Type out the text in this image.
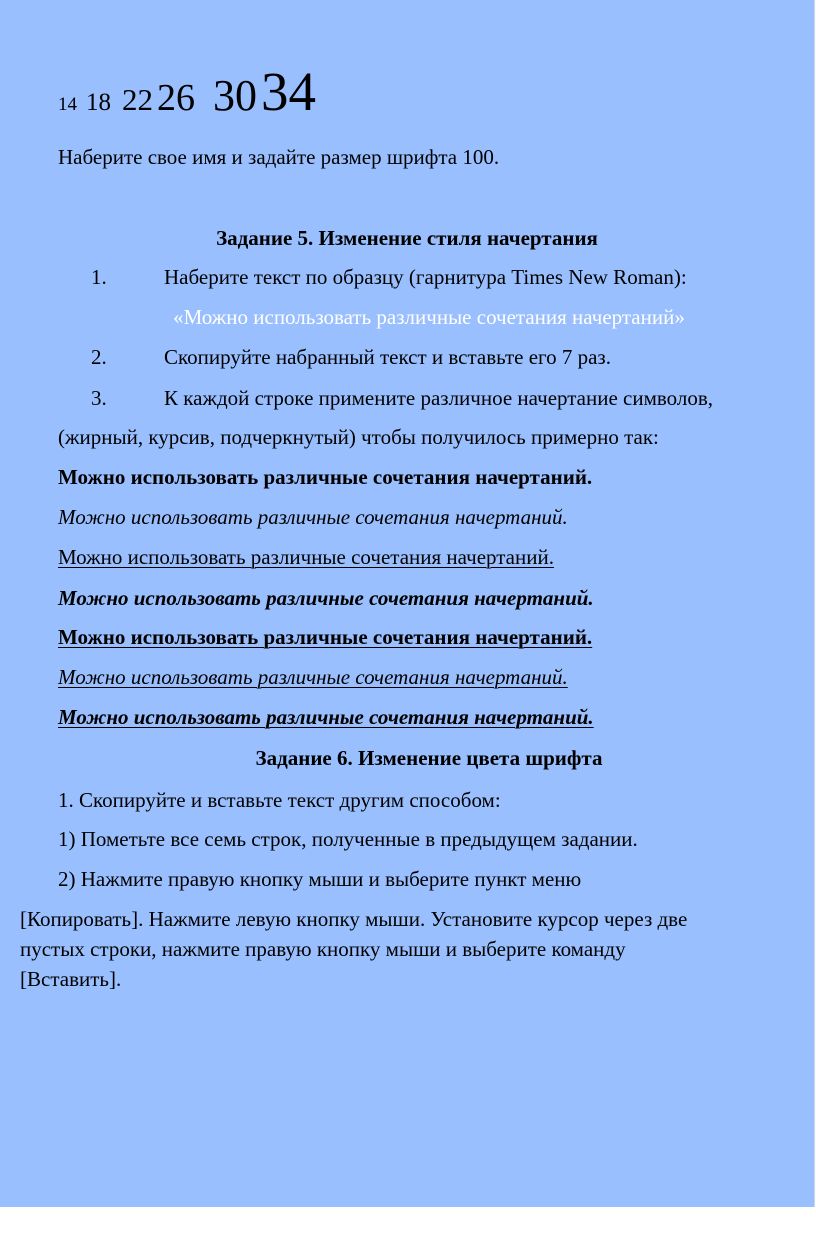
14 18 22 26 30 34
Наберите свое имя и задайте размер шрифта 100.
Задание 5. Изменение стиля начертания
1.	Наберите текст по образцу (гарнитура Times New Roman):
«Можно использовать различные сочетания начертаний»
2.	Скопируйте набранный текст и вставьте его 7 раз.
3.	К каждой строке примените различное начертание символов,
(жирный, курсив, подчеркнутый) чтобы получилось примерно так:
Можно использовать различные сочетания начертаний.
Можно использовать различные сочетания начертаний.
Можно использовать различные сочетания начертаний.
Можно использовать различные сочетания начертаний.
Можно использовать различные сочетания начертаний.
Можно использовать различные сочетания начертаний.
Можно использовать различные сочетания начертаний.
Задание 6. Изменение цвета шрифта
1. Скопируйте и вставьте текст другим способом:
1) Пометьте все семь строк, полученные в предыдущем задании.
2) Нажмите правую кнопку мыши и выберите пункт меню
[Копировать]. Нажмите левую кнопку мыши. Установите курсор через две
пустых строки, нажмите правую кнопку мыши и выберите команду
[Вставить].
